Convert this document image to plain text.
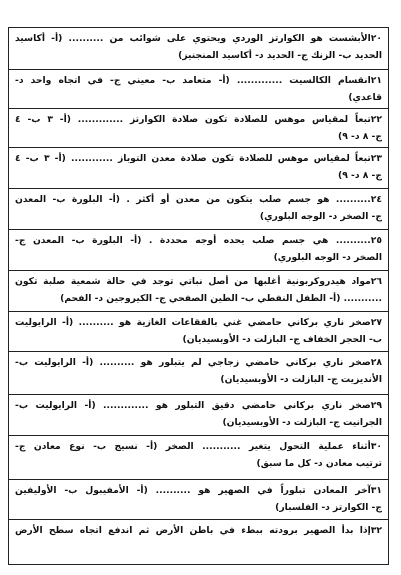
٢٠الأبشست هو الكوارتز الوردي ويحتوي على شوائب من .......... (أ- أكاسيد
الحديد ب- الزنك ج- الحديد د- أكاسيد المنجنيز)
٢١انقسام الكالسيت ............. (أ- متعامد ب- معيني ج- في اتجاه واحد د-
قاعدي)
٢٢تبعاً لمقياس موهس للصلادة تكون صلادة الكوارتز ............. (أ- ٣ ب- ٤
ج- ٨ د- ٩)
٢٣تبعاً لمقياس موهس للصلادة تكون صلادة معدن التوباز ............ (أ- ٣ ب- ٤
ج- ٨ د- ٩)
٢٤.......... هو جسم صلب يتكون من معدن أو أكثر . (أ- البلورة ب- المعدن
ج- الصخر د- الوجه البلوري)
٢٥.......... هي جسم صلب يحده أوجه محددة . (أ- البلورة ب- المعدن ج-
الصخر د- الوجه البلوري)
٢٦مواد هيدروكربونية أغلبها من أصل نباتي توجد في حالة شمعية صلبة تكون
........... (أ- الطفل النفطي ب- الطين الصفحي ج- الكيروجين د- الفحم)
٢٧صخر ناري بركاني حامضي غني بالفقاعات الغازية هو .......... (أ- الرايوليت
ب- الحجر الخفاف ج- البازلت د- الأوبسيديان)
٢٨صخر ناري بركاني حامضي زجاجي لم يتبلور هو .......... (أ- الرايوليت ب-
الأنديزيت ج- البازلت د- الأوبسيديان)
٢٩صخر ناري بركاني حامضي دقيق التبلور هو ............. (أ- الرايوليت ب-
الجرانيت ج- البازلت د- الأوبسيديان)
٣٠أثناء عملية التحول يتغير ........... الصخر (أ- نسيج ب- نوع معادن ج-
ترتيب معادن د- كل ما سبق)
٣١آخر المعادن تبلوراً في الصهير هو .......... (أ- الأمفيبول ب- الأوليفين
ج- الكوارتز د- الفلسبار)
٣٢إذا بدأ الصهير برودته ببطء في باطن الأرض ثم اندفع اتجاه سطح الأرض
